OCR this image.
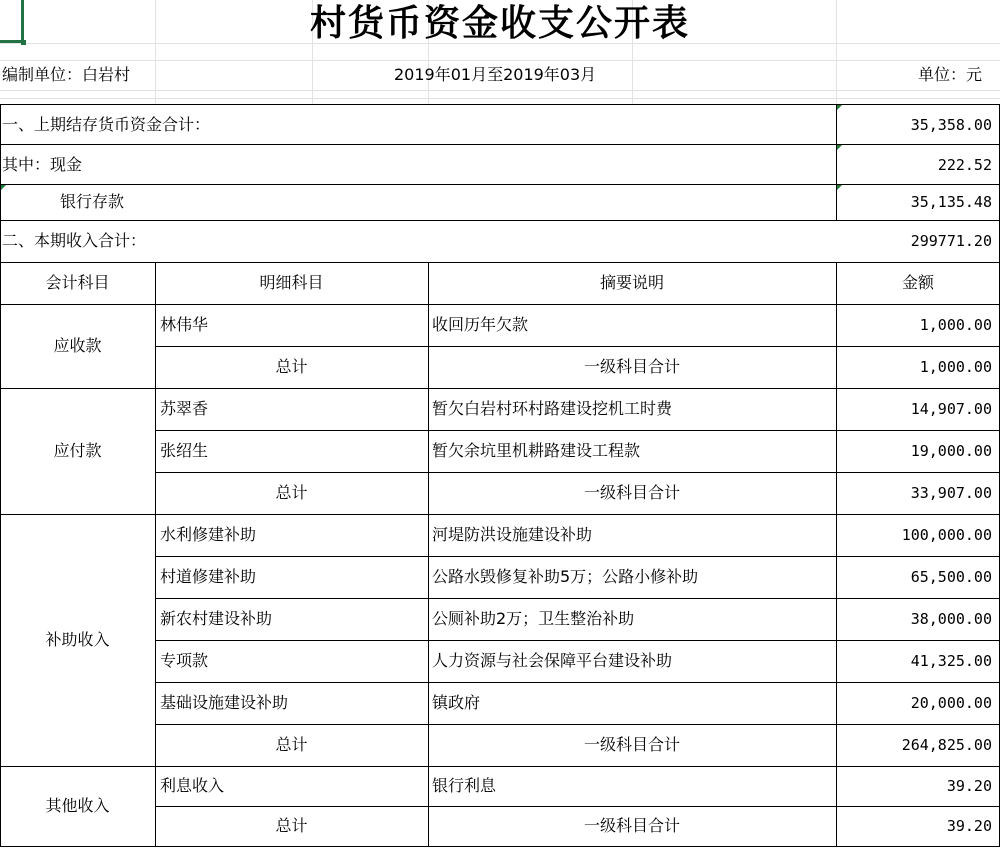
村货币资金收支公开表
编制单位：白岩村	2019年01月至2019年03月	单位：元
一、上期结存货币资金合计：	35,358.00
其中：现金	222.52
银行存款	35,135.48
二、本期收入合计：	299771.20
会计科目	明细科目	摘要说明	金额
应收款
林伟华	收回历年欠款	1,000.00
总计	一级科目合计	1,000.00
应付款
苏翠香	暂欠白岩村环村路建设挖机工时费	14,907.00
张绍生	暂欠余坑里机耕路建设工程款	19,000.00
总计	一级科目合计	33,907.00
补助收入
水利修建补助	河堤防洪设施建设补助	100,000.00
村道修建补助	公路水毁修复补助5万；公路小修补助	65,500.00
新农村建设补助	公厕补助2万；卫生整治补助	38,000.00
专项款	人力资源与社会保障平台建设补助	41,325.00
基础设施建设补助	镇政府	20,000.00
总计	一级科目合计	264,825.00
其他收入
利息收入	银行利息	39.20
总计	一级科目合计	39.20
